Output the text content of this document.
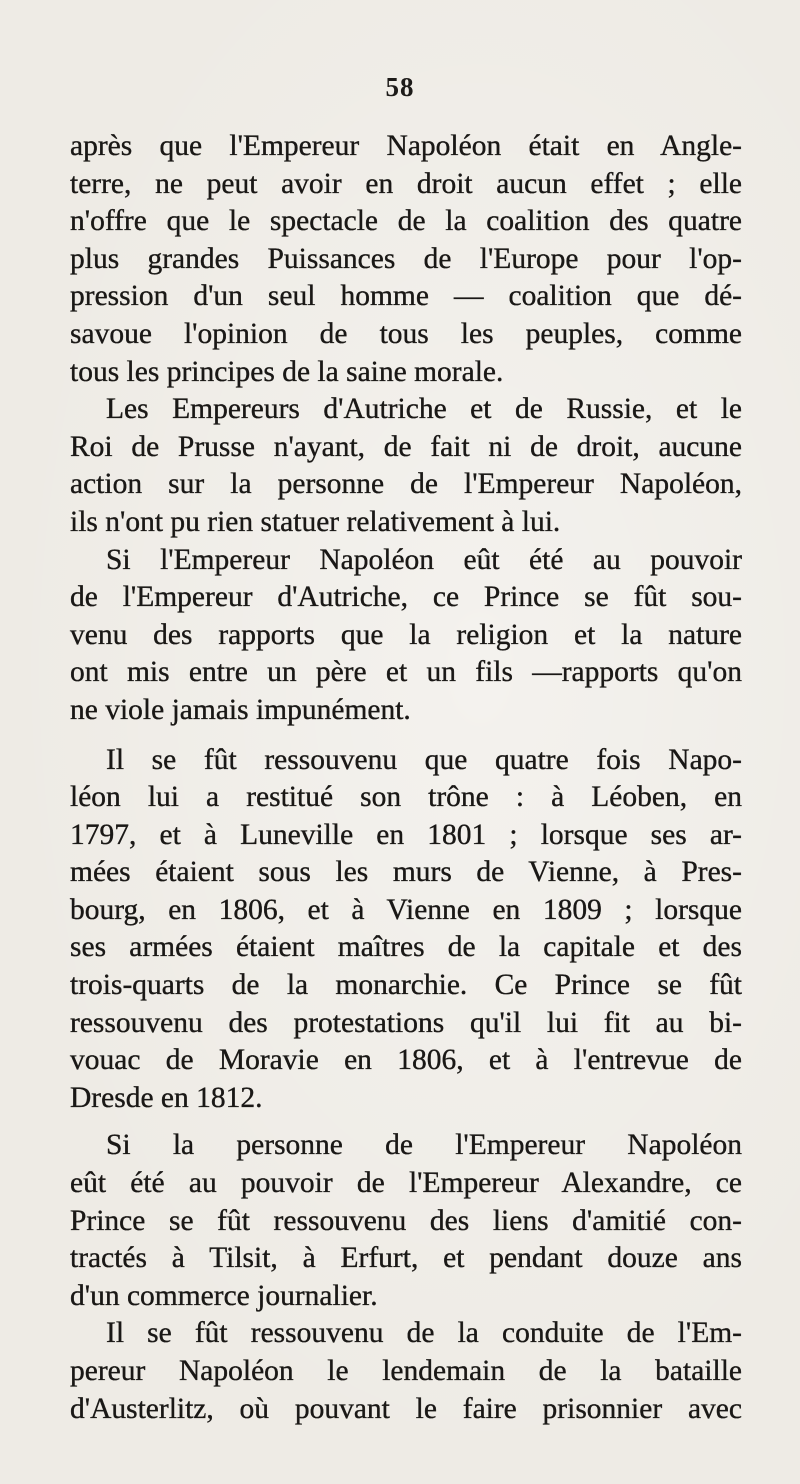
58
après que l'Empereur Napoléon était en Angle-
terre, ne peut avoir en droit aucun effet ; elle
n'offre que le spectacle de la coalition des quatre
plus grandes Puissances de l'Europe pour l'op-
pression d'un seul homme — coalition que dé-
savoue l'opinion de tous les peuples, comme
tous les principes de la saine morale.
Les Empereurs d'Autriche et de Russie, et le
Roi de Prusse n'ayant, de fait ni de droit, aucune
action sur la personne de l'Empereur Napoléon,
ils n'ont pu rien statuer relativement à lui.
Si l'Empereur Napoléon eût été au pouvoir
de l'Empereur d'Autriche, ce Prince se fût sou-
venu des rapports que la religion et la nature
ont mis entre un père et un fils —rapports qu'on
ne viole jamais impunément.
Il se fût ressouvenu que quatre fois Napo-
léon lui a restitué son trône : à Léoben, en
1797, et à Luneville en 1801 ; lorsque ses ar-
mées étaient sous les murs de Vienne, à Pres-
bourg, en 1806, et à Vienne en 1809 ; lorsque
ses armées étaient maîtres de la capitale et des
trois-quarts de la monarchie. Ce Prince se fût
ressouvenu des protestations qu'il lui fit au bi-
vouac de Moravie en 1806, et à l'entrevue de
Dresde en 1812.
Si la personne de l'Empereur Napoléon
eût été au pouvoir de l'Empereur Alexandre, ce
Prince se fût ressouvenu des liens d'amitié con-
tractés à Tilsit, à Erfurt, et pendant douze ans
d'un commerce journalier.
Il se fût ressouvenu de la conduite de l'Em-
pereur Napoléon le lendemain de la bataille
d'Austerlitz, où pouvant le faire prisonnier avec
